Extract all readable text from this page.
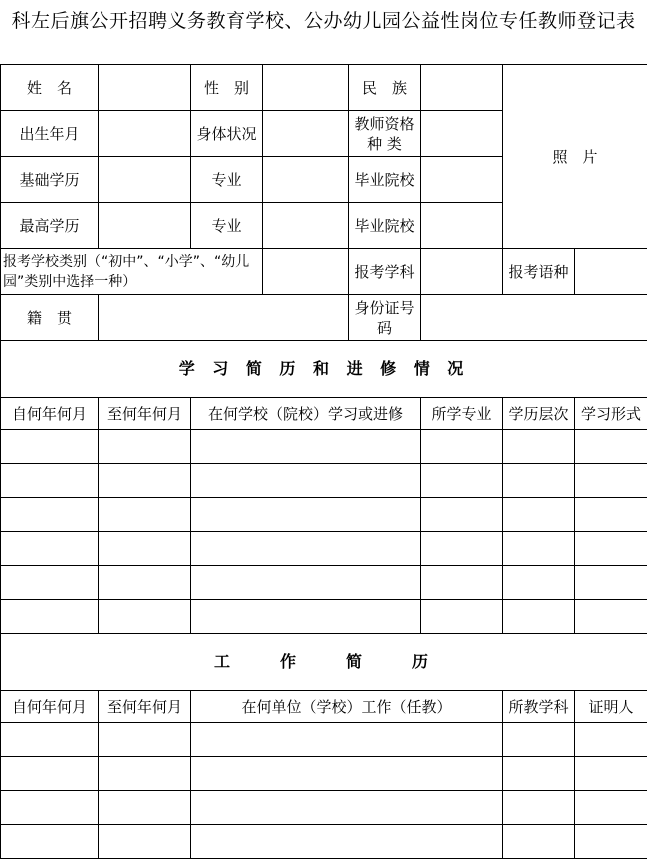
科左后旗公开招聘义务教育学校、公办幼儿园公益性岗位专任教师登记表
姓　名		性　别		民　族		照　片	
出生年月		身体状况		教师资格种 类			
基础学历		专业		毕业院校			
最高学历		专业		毕业院校			
报考学校类别（“初中”、“小学”、“幼儿园”类别中选择一种）				报考学科		报考语种	
籍　贯				身份证号码			
学 习 简 历 和 进 修 情 况							
自何年何月	至何年何月	在何学校（院校）学习或进修			所学专业	学历层次	学习形式

工　　作　　简　　历							
自何年何月	至何年何月	在何单位（学校）工作（任教）				所教学科	证明人
